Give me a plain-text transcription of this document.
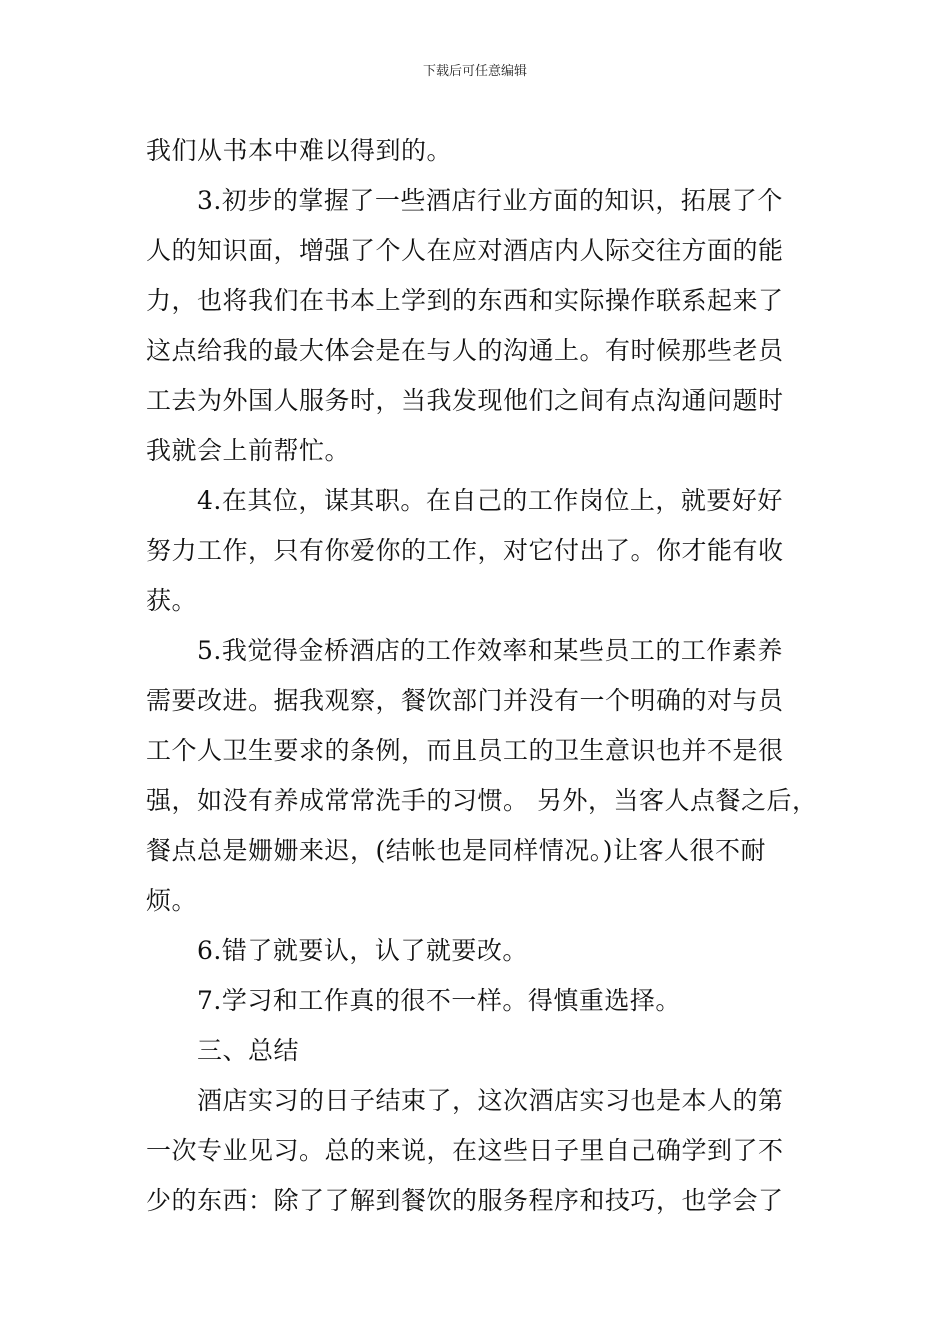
下载后可任意编辑
我们从书本中难以得到的。
3.初步的掌握了一些酒店行业方面的知识，拓展了个
人的知识面，增强了个人在应对酒店内人际交往方面的能
力，也将我们在书本上学到的东西和实际操作联系起来了
这点给我的最大体会是在与人的沟通上。有时候那些老员
工去为外国人服务时，当我发现他们之间有点沟通问题时
我就会上前帮忙。
4.在其位，谋其职。在自己的工作岗位上，就要好好
努力工作，只有你爱你的工作，对它付出了。你才能有收
获。
5.我觉得金桥酒店的工作效率和某些员工的工作素养
需要改进。据我观察，餐饮部门并没有一个明确的对与员
工个人卫生要求的条例，而且员工的卫生意识也并不是很
强，如没有养成常常洗手的习惯。 另外，当客人点餐之后，
餐点总是姗姗来迟，(结帐也是同样情况。)让客人很不耐
烦。
6.错了就要认，认了就要改。
7.学习和工作真的很不一样。得慎重选择。
三、总结
酒店实习的日子结束了，这次酒店实习也是本人的第
一次专业见习。总的来说，在这些日子里自己确学到了不
少的东西：除了了解到餐饮的服务程序和技巧，也学会了
